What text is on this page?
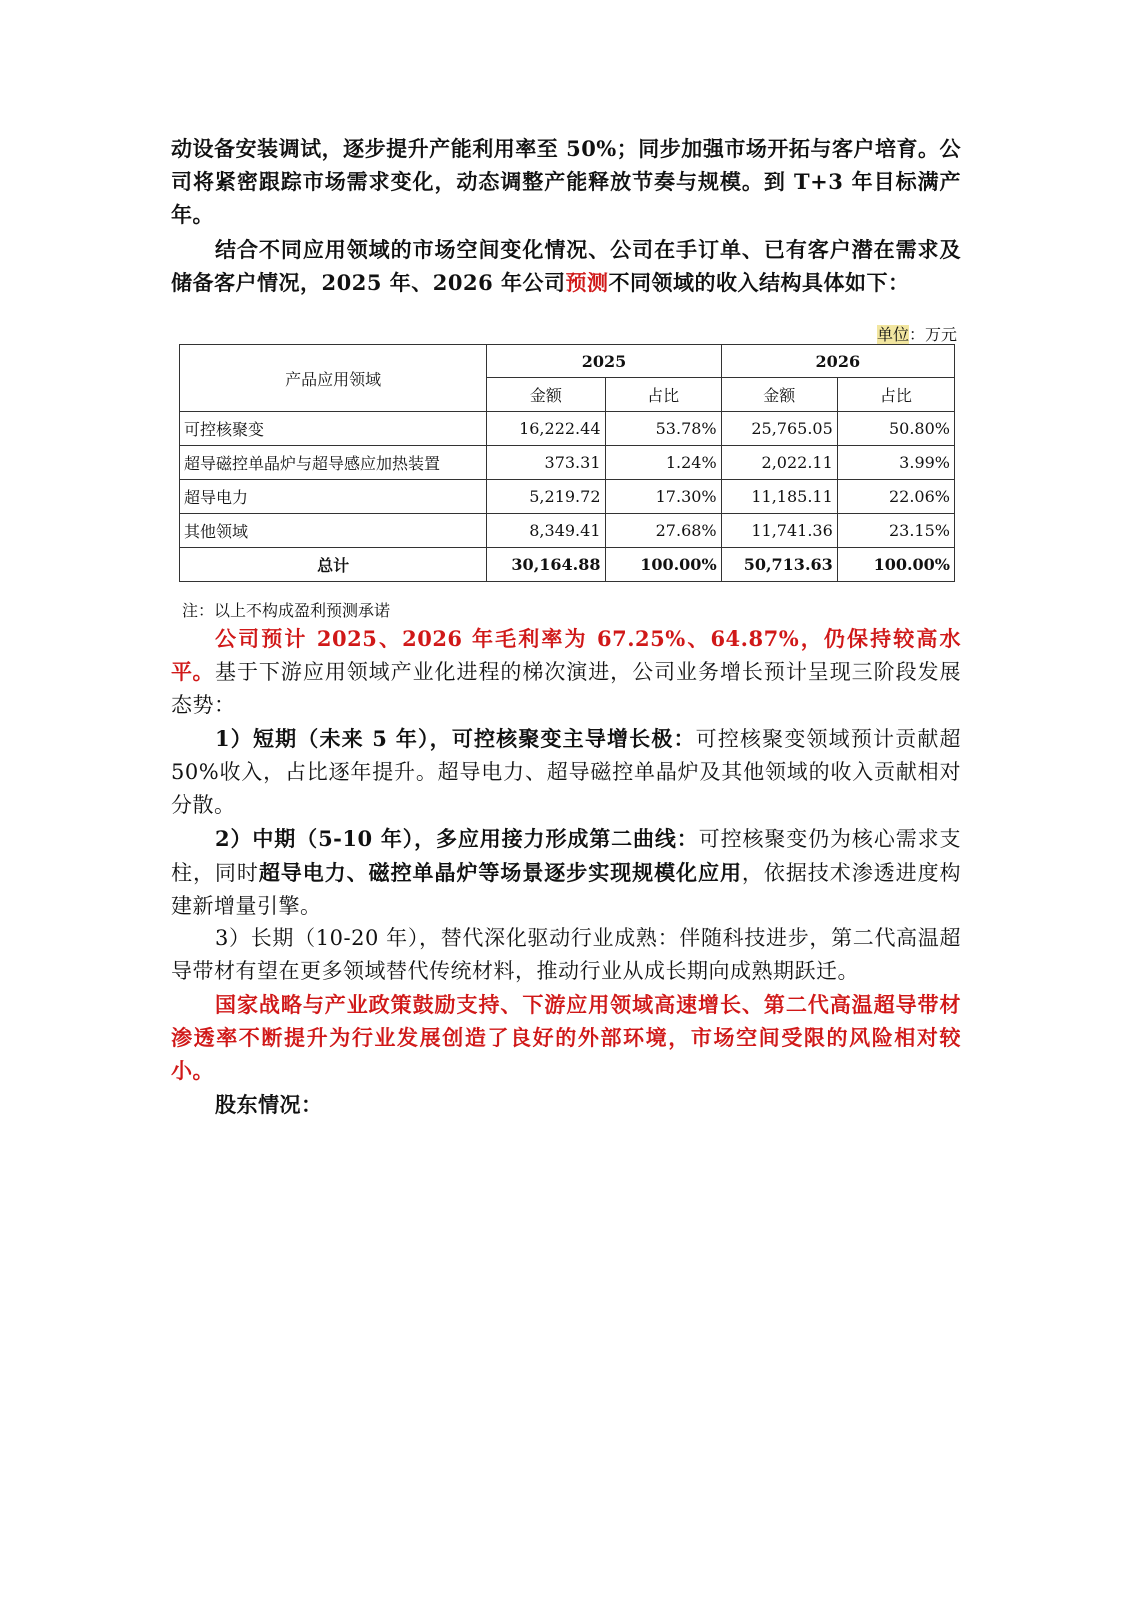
动设备安装调试，逐步提升产能利用率至 50%；同步加强市场开拓与客户培育。公司将紧密跟踪市场需求变化，动态调整产能释放节奏与规模。到 T+3 年目标满产年。

结合不同应用领域的市场空间变化情况、公司在手订单、已有客户潜在需求及储备客户情况，2025 年、2026 年公司预测不同领域的收入结构具体如下：

单位：万元
产品应用领域	2025		2026	
	金额	占比	金额	占比
可控核聚变	16,222.44	53.78%	25,765.05	50.80%
超导磁控单晶炉与超导感应加热装置	373.31	1.24%	2,022.11	3.99%
超导电力	5,219.72	17.30%	11,185.11	22.06%
其他领域	8,349.41	27.68%	11,741.36	23.15%
总计	30,164.88	100.00%	50,713.63	100.00%
注：以上不构成盈利预测承诺

公司预计 2025、2026 年毛利率为 67.25%、64.87%，仍保持较高水平。 基于下游应用领域产业化进程的梯次演进，公司业务增长预计呈现三阶段发展态势：

1）短期（未来 5 年），可控核聚变主导增长极：可控核聚变领域预计贡献超 50%收入，占比逐年提升。超导电力、超导磁控单晶炉及其他领域的收入贡献相对分散。

2）中期（5-10 年），多应用接力形成第二曲线：可控核聚变仍为核心需求支柱，同时超导电力、磁控单晶炉等场景逐步实现规模化应用，依据技术渗透进度构建新增量引擎。

3）长期（10-20 年），替代深化驱动行业成熟：伴随科技进步，第二代高温超导带材有望在更多领域替代传统材料，推动行业从成长期向成熟期跃迁。

国家战略与产业政策鼓励支持、下游应用领域高速增长、第二代高温超导带材渗透率不断提升为行业发展创造了良好的外部环境，市场空间受限的风险相对较小。

股东情况：
